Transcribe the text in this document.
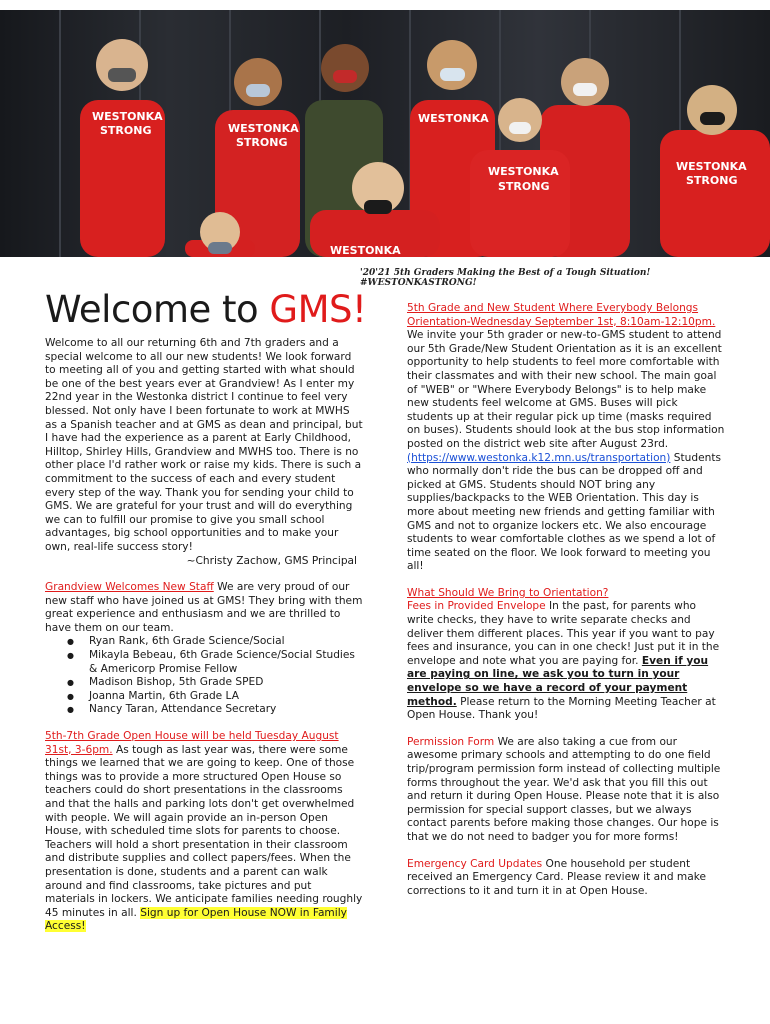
WESTONKA
STRONG	WESTONKA
STRONG
WESTONKA
WESTONKA
STRONG
WESTONKA
STRONG
WESTONKA
'20'21 5th Graders Making the Best of a Tough Situation! #WESTONKASTRONG!
Welcome to GMS!

Welcome to all our returning 6th and 7th graders and a special welcome to all our new students! We look forward to meeting all of you and getting started with what should be one of the best years ever at Grandview! As I enter my 22nd year in the Westonka district I continue to feel very blessed. Not only have I been fortunate to work at MWHS as a Spanish teacher and at GMS as dean and principal, but I have had the experience as a parent at Early Childhood, Hilltop, Shirley Hills, Grandview and MWHS too. There is no other place I'd rather work or raise my kids. There is such a commitment to the success of each and every student every step of the way. Thank you for sending your child to GMS. We are grateful for your trust and will do everything we can to fulfill our promise to give you small school advantages, big school opportunities and to make your own, real-life success story!

~Christy Zachow, GMS Principal

Grandview Welcomes New Staff We are very proud of our new staff who have joined us at GMS! They bring with them great experience and enthusiasm and we are thrilled to have them on our team.

● Ryan Rank, 6th Grade Science/Social
● Mikayla Bebeau, 6th Grade Science/Social Studies & Americorp Promise Fellow
● Madison Bishop, 5th Grade SPED
● Joanna Martin, 6th Grade LA
● Nancy Taran, Attendance Secretary

5th-7th Grade Open House will be held Tuesday August 31st, 3-6pm. As tough as last year was, there were some things we learned that we are going to keep. One of those things was to provide a more structured Open House so teachers could do short presentations in the classrooms and that the halls and parking lots don't get overwhelmed with people. We will again provide an in-person Open House, with scheduled time slots for parents to choose. Teachers will hold a short presentation in their classroom and distribute supplies and collect papers/fees. When the presentation is done, students and a parent can walk around and find classrooms, take pictures and put materials in lockers. We anticipate families needing roughly 45 minutes in all. Sign up for Open House NOW in Family Access!

5th Grade and New Student Where Everybody Belongs Orientation-Wednesday September 1st, 8:10am-12:10pm. We invite your 5th grader or new-to-GMS student to attend our 5th Grade/New Student Orientation as it is an excellent opportunity to help students to feel more comfortable with their classmates and with their new school. The main goal of "WEB" or "Where Everybody Belongs" is to help make new students feel welcome at GMS. Buses will pick students up at their regular pick up time (masks required on buses). Students should look at the bus stop information posted on the district web site after August 23rd.
(https://www.westonka.k12.mn.us/transportation) Students who normally don't ride the bus can be dropped off and picked at GMS. Students should NOT bring any supplies/backpacks to the WEB Orientation. This day is more about meeting new friends and getting familiar with GMS and not to organize lockers etc. We also encourage students to wear comfortable clothes as we spend a lot of time seated on the floor. We look forward to meeting you all!

What Should We Bring to Orientation?
Fees in Provided Envelope In the past, for parents who write checks, they have to write separate checks and deliver them different places. This year if you want to pay fees and insurance, you can in one check! Just put it in the envelope and note what you are paying for. Even if you are paying on line, we ask you to turn in your envelope so we have a record of your payment method. Please return to the Morning Meeting Teacher at Open House. Thank you!

Permission Form We are also taking a cue from our awesome primary schools and attempting to do one field trip/program permission form instead of collecting multiple forms throughout the year. We'd ask that you fill this out and return it during Open House. Please note that it is also permission for special support classes, but we always contact parents before making those changes. Our hope is that we do not need to badger you for more forms!

Emergency Card Updates One household per student received an Emergency Card. Please review it and make corrections to it and turn it in at Open House.
